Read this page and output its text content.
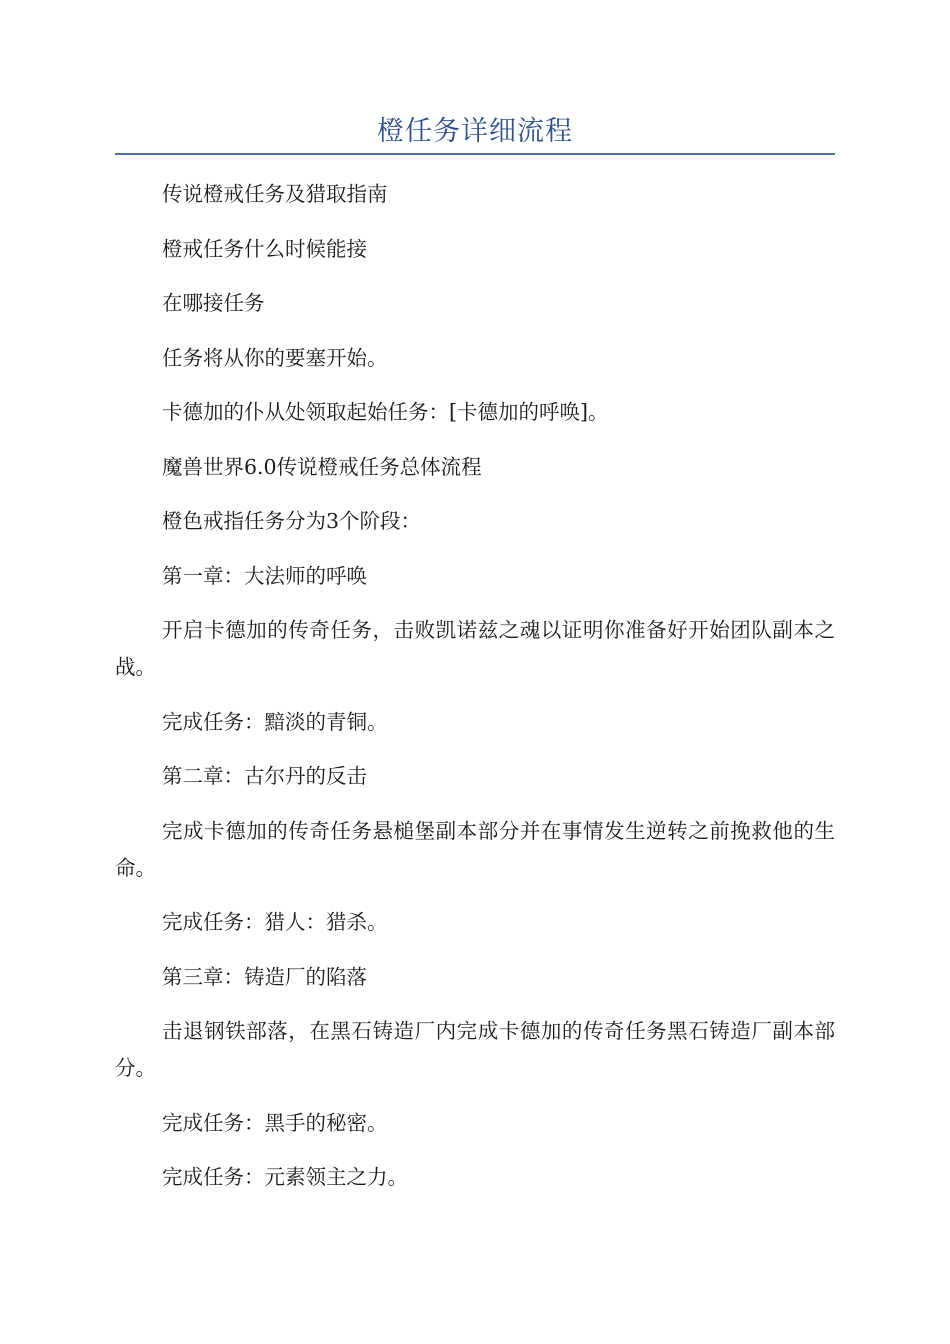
橙任务详细流程

传说橙戒任务及猎取指南

橙戒任务什么时候能接

在哪接任务

任务将从你的要塞开始。

卡德加的仆从处领取起始任务：[卡德加的呼唤]。

魔兽世界6.0传说橙戒任务总体流程

橙色戒指任务分为3个阶段：

第一章：大法师的呼唤

开启卡德加的传奇任务，击败凯诺兹之魂以证明你准备好开始团队副本之战。

完成任务：黯淡的青铜。

第二章：古尔丹的反击

完成卡德加的传奇任务悬槌堡副本部分并在事情发生逆转之前挽救他的生命。

完成任务：猎人：猎杀。

第三章：铸造厂的陷落

击退钢铁部落，在黑石铸造厂内完成卡德加的传奇任务黑石铸造厂副本部分。

完成任务：黑手的秘密。

完成任务：元素领主之力。
